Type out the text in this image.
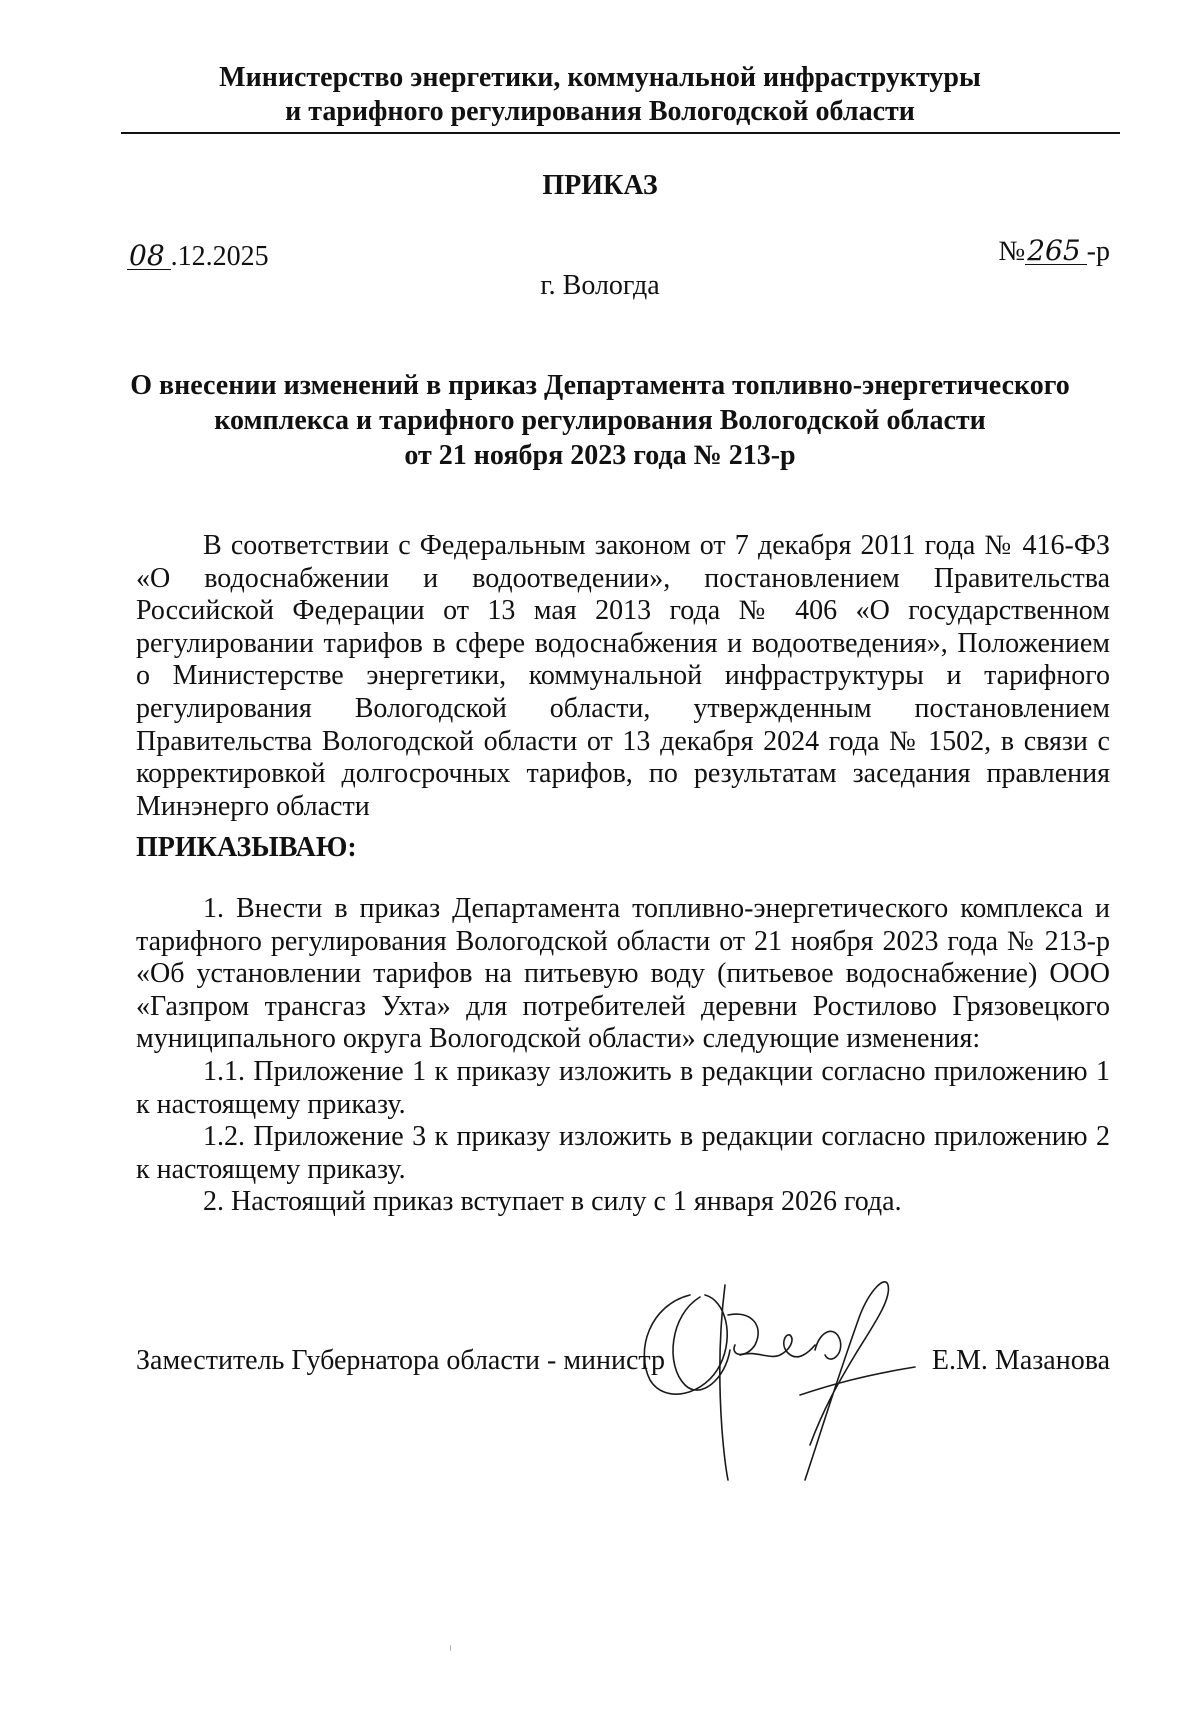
Министерство энергетики, коммунальной инфраструктуры
и тарифного регулирования Вологодской области
ПРИКАЗ
08 .12.2025	№265 -р
г. Вологда
О внесении изменений в приказ Департамента топливно-энергетического
комплекса и тарифного регулирования Вологодской области
от 21 ноября 2023 года № 213-р

В соответствии с Федеральным законом от 7 декабря 2011 года № 416-ФЗ «О водоснабжении и водоотведении», постановлением Правительства Российской Федерации от 13 мая 2013 года № 406 «О государственном регулировании тарифов в сфере водоснабжения и водоотведения», Положением о Министерстве энергетики, коммунальной инфраструктуры и тарифного регулирования Вологодской области, утвержденным постановлением Правительства Вологодской области от 13 декабря 2024 года № 1502, в связи с корректировкой долгосрочных тарифов, по результатам заседания правления Минэнерго области

ПРИКАЗЫВАЮ:

1. Внести в приказ Департамента топливно-энергетического комплекса и тарифного регулирования Вологодской области от 21 ноября 2023 года № 213-р «Об установлении тарифов на питьевую воду (питьевое водоснабжение) ООО «Газпром трансгаз Ухта» для потребителей деревни Ростилово Грязовецкого муниципального округа Вологодской области» следующие изменения:

1.1. Приложение 1 к приказу изложить в редакции согласно приложению 1 к настоящему приказу.

1.2. Приложение 3 к приказу изложить в редакции согласно приложению 2 к настоящему приказу.

2. Настоящий приказ вступает в силу с 1 января 2026 года.

Заместитель Губернатора области - министр	Е.М. Мазанова
